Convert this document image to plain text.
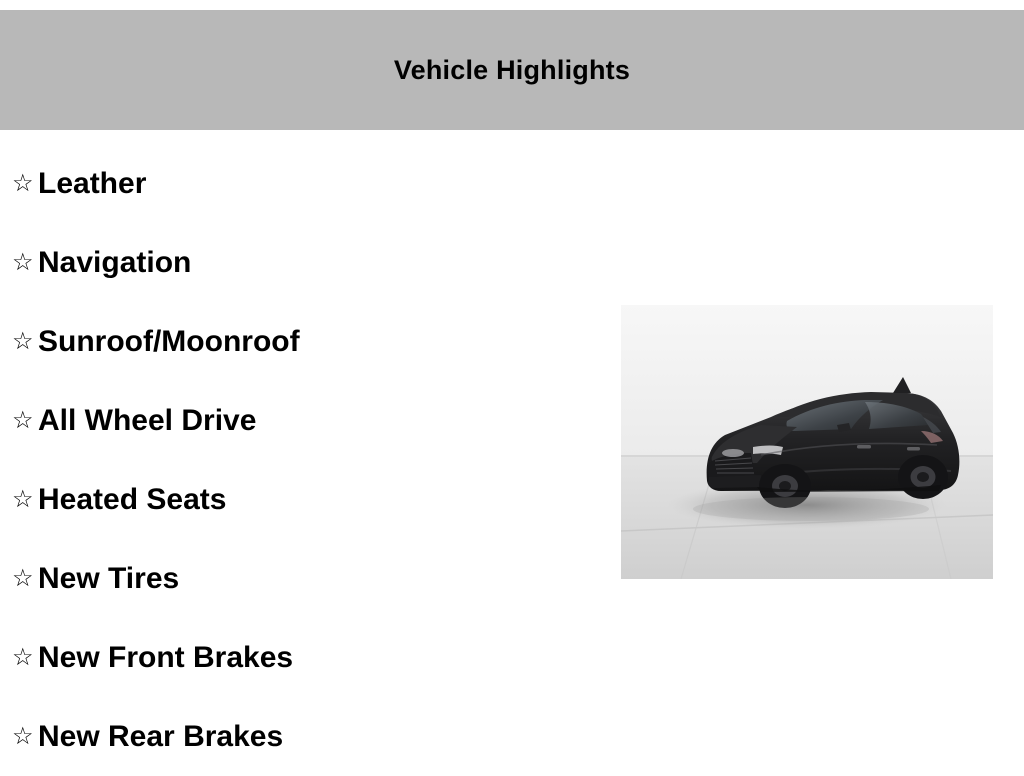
Vehicle Highlights
☆ Leather
☆ Navigation
☆ Sunroof/Moonroof
☆ All Wheel Drive
☆ Heated Seats
☆ New Tires
☆ New Front Brakes
☆ New Rear Brakes
